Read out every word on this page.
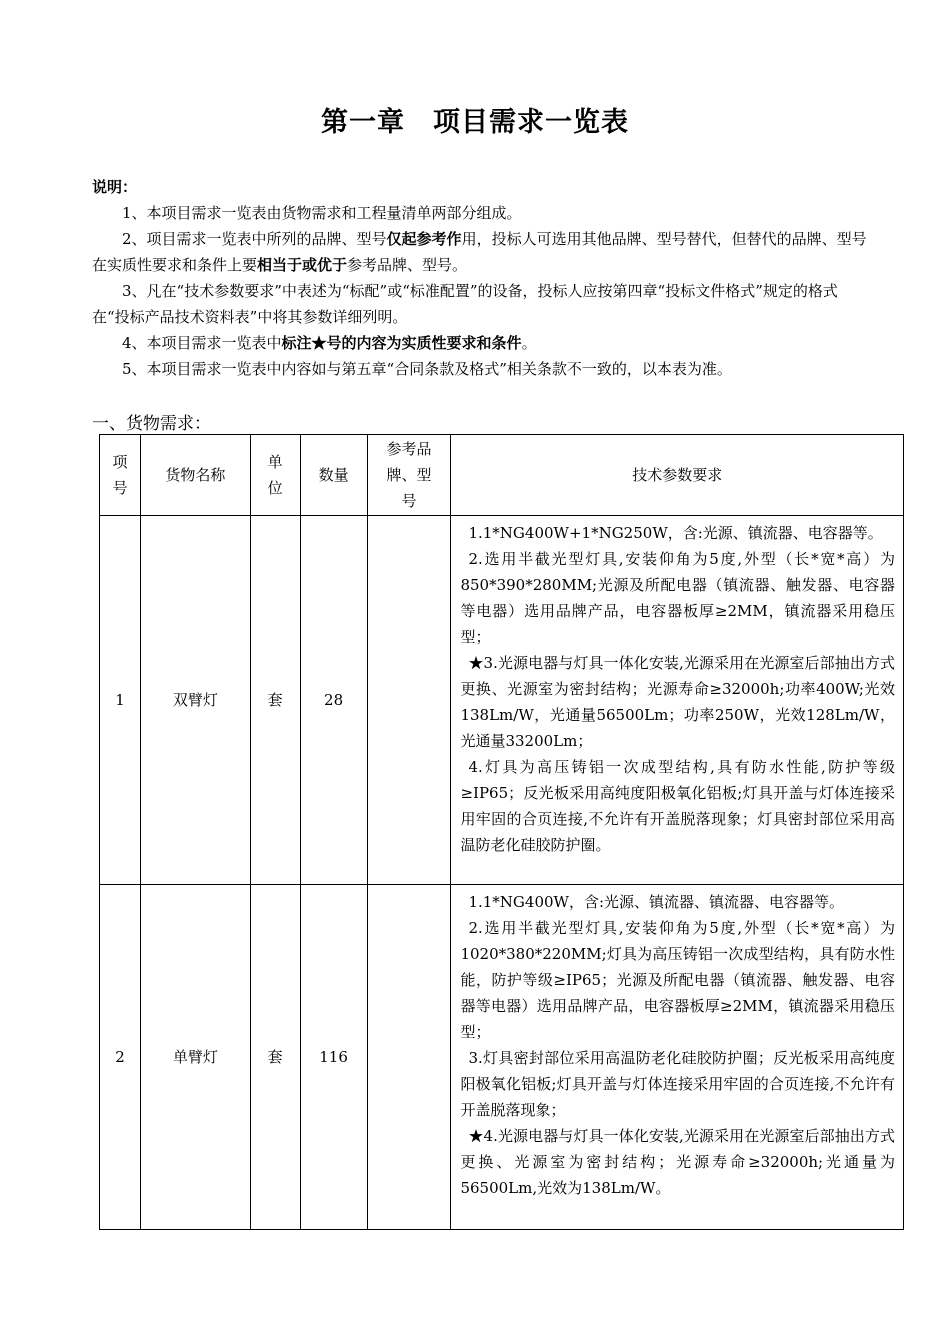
第一章　项目需求一览表

说明：

1、本项目需求一览表由货物需求和工程量清单两部分组成。

2、项目需求一览表中所列的品牌、型号仅起参考作用，投标人可选用其他品牌、型号替代，但替代的品牌、型号在实质性要求和条件上要相当于或优于参考品牌、型号。

3、凡在“技术参数要求”中表述为“标配”或“标准配置”的设备，投标人应按第四章“投标文件格式”规定的格式在“投标产品技术资料表”中将其参数详细列明。

4、本项目需求一览表中标注★号的内容为实质性要求和条件。

5、本项目需求一览表中内容如与第五章“合同条款及格式”相关条款不一致的，以本表为准。

一、货物需求：
项号	货物名称	单位	数量	参考品牌、型号	技术参数要求
1	双臂灯	套	28		1.1*NG400W+1*NG250W，含:光源、镇流器、电容器等。

2.选用半截光型灯具,安装仰角为5度,外型（长*宽*高）为850*390*280MM;光源及所配电器（镇流器、触发器、电容器等电器）选用品牌产品，电容器板厚≥2MM，镇流器采用稳压型；

★3.光源电器与灯具一体化安装,光源采用在光源室后部抽出方式更换、光源室为密封结构；光源寿命≥32000h;功率400W;光效138Lm/W，光通量56500Lm；功率250W，光效128Lm/W，光通量33200Lm；

4.灯具为高压铸铝一次成型结构,具有防水性能,防护等级≥IP65；反光板采用高纯度阳极氧化铝板;灯具开盖与灯体连接采用牢固的合页连接,不允许有开盖脱落现象；灯具密封部位采用高温防老化硅胶防护圈。

2	单臂灯	套	116		1.1*NG400W，含:光源、镇流器、镇流器、电容器等。

2.选用半截光型灯具,安装仰角为5度,外型（长*宽*高）为1020*380*220MM;灯具为高压铸铝一次成型结构，具有防水性能，防护等级≥IP65；光源及所配电器（镇流器、触发器、电容器等电器）选用品牌产品，电容器板厚≥2MM，镇流器采用稳压型；

3.灯具密封部位采用高温防老化硅胶防护圈；反光板采用高纯度阳极氧化铝板;灯具开盖与灯体连接采用牢固的合页连接,不允许有开盖脱落现象；

★4.光源电器与灯具一体化安装,光源采用在光源室后部抽出方式更换、光源室为密封结构；光源寿命≥32000h;光通量为56500Lm,光效为138Lm/W。
